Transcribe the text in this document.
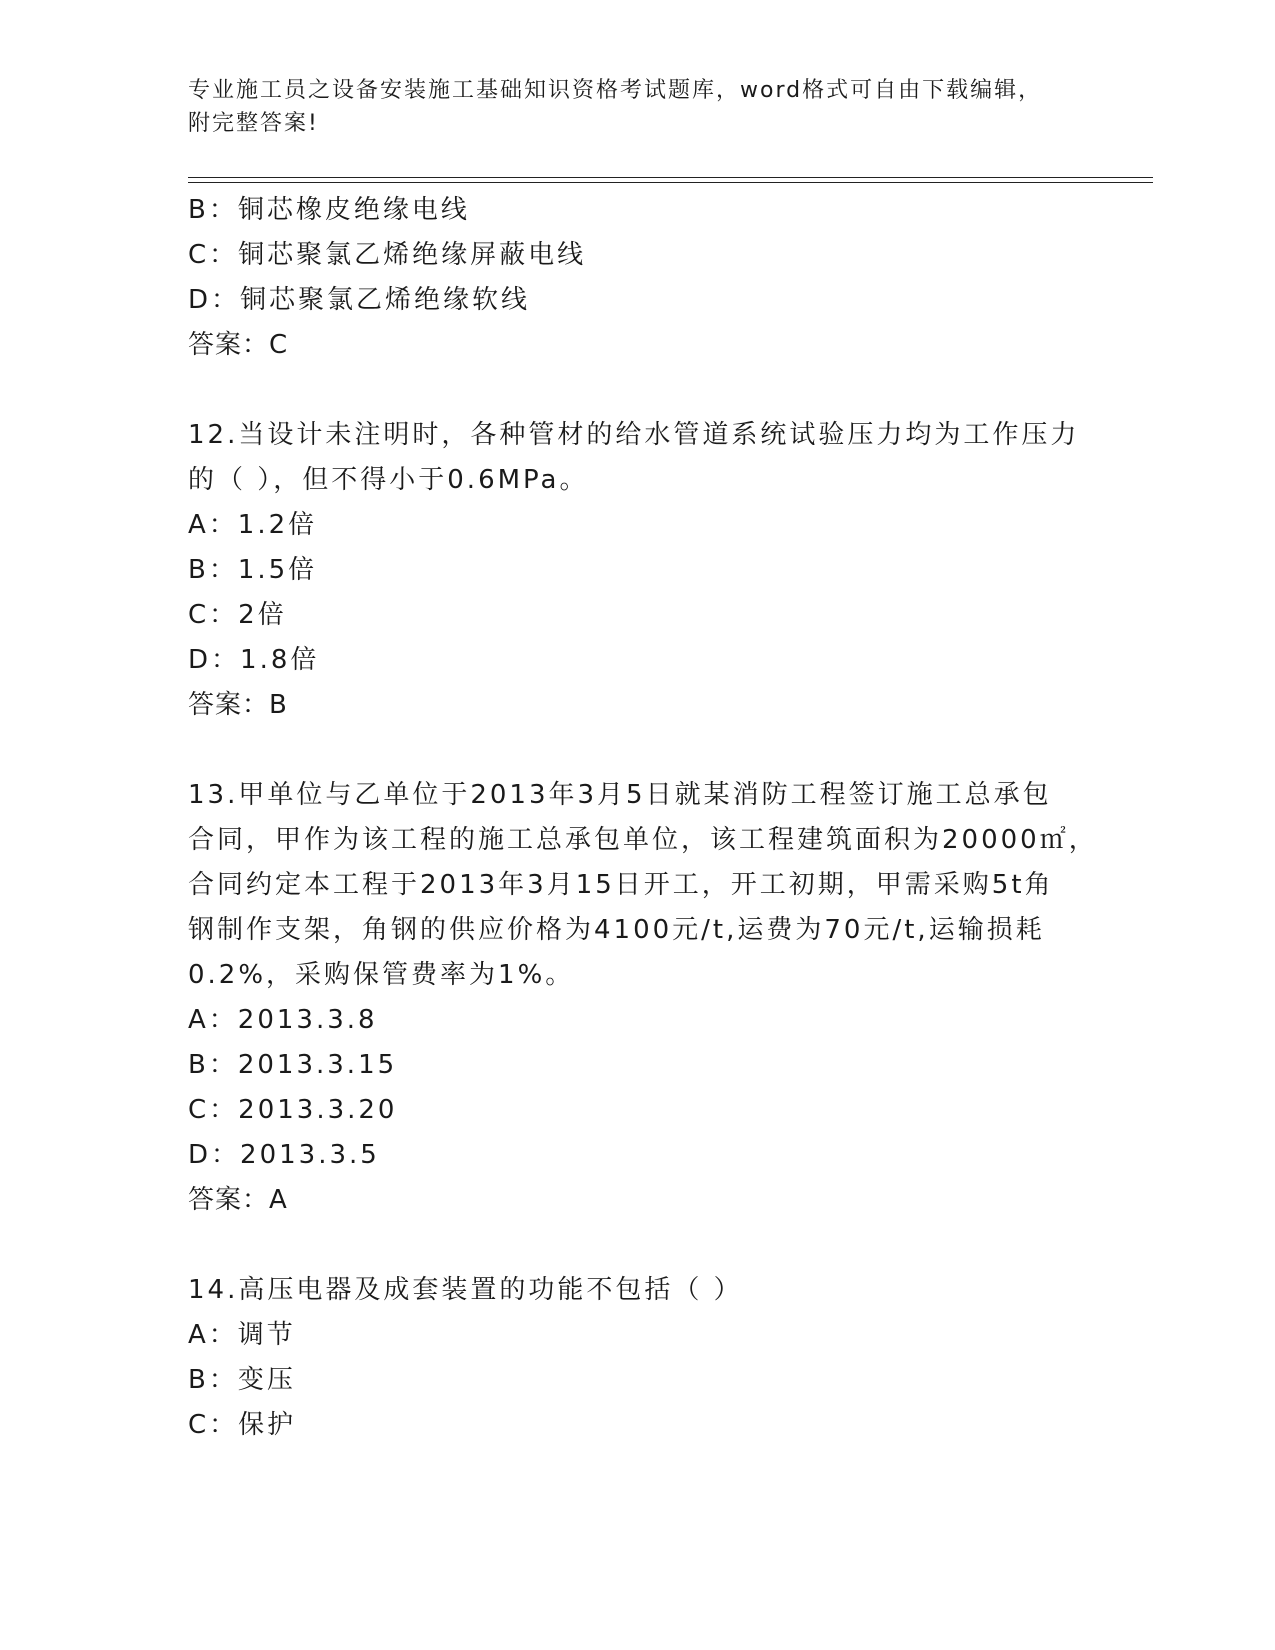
专业施工员之设备安装施工基础知识资格考试题库，word格式可自由下载编辑，
附完整答案!
B：铜芯橡皮绝缘电线
C：铜芯聚氯乙烯绝缘屏蔽电线
D：铜芯聚氯乙烯绝缘软线
答案：C
12.当设计未注明时，各种管材的给水管道系统试验压力均为工作压力
的（ ），但不得小于0.6MPa。
A：1.2倍
B：1.5倍
C：2倍
D：1.8倍
答案：B
13.甲单位与乙单位于2013年3月5日就某消防工程签订施工总承包
合同，甲作为该工程的施工总承包单位，该工程建筑面积为20000㎡，
合同约定本工程于2013年3月15日开工，开工初期，甲需采购5t角
钢制作支架，角钢的供应价格为4100元/t,运费为70元/t,运输损耗
0.2%，采购保管费率为1%。
A：2013.3.8
B：2013.3.15
C：2013.3.20
D：2013.3.5
答案：A
14.高压电器及成套装置的功能不包括（ ）
A：调节
B：变压
C：保护
